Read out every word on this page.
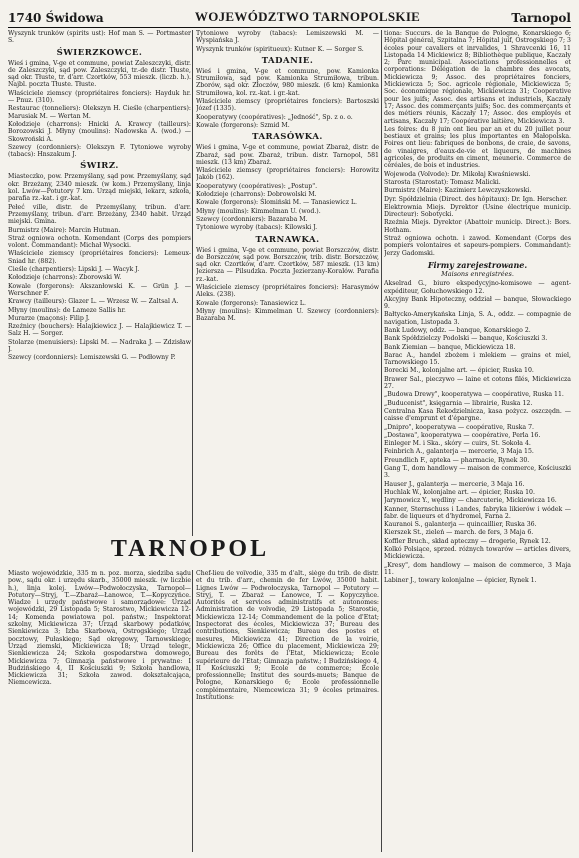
1740 Świdowa	WOJEWÓDZTWO TARNOPOLSKIE	Tarnopol

Wyszynk trunków (spirits ust): Hof man S. — Portmaster S.

ŚWIERZKOWCE.

Wieś i gmina, V-ge et commune, powiat Zaleszczyki, distr. de Zaleszczyki, sąd pow. Zaleszczyki, tr.-de distr. Tłuste, sąd okr. Tłuste, tr. d'arr. Czortków, 553 mieszk. (liczb. h.). Najbl. poczta Tłuste. Tłuste.

Właściciele ziemscy (propriétaires fonciers): Hayduk hr. — Pnuz. (310).

Restaurac (tonneliers): Olekszyn H. Cieśle (charpentiers): Marusiak M. — Wertan M.

Kołodzieje (charrons): Hnicki A. Krawcy (tailleurs): Borozowski J. Młyny (moulins): Nadowska A. (wod.) — Skowroński A.

Szewcy (cordonniers): Olekszyn F. Tytoniowe wyroby (tabacs): Hnszakum J.

ŚWIRZ.

Miasteczko, pow. Przemyślany, sąd pow. Przemyślany, sąd okr. Brzeżany, 2340 mieszk. (w kom.) Przemyślany, linja kol. Lwów—Potutory 7 km. Urząd miejski, lekarz, szkoła, parafia rz.-kat. i gr.-kat.

Pełeć ville, distr. de Przemyślany, tribun. d'arr. Przemyślany, tribun. d'arr. Brzeżany, 2340 habit. Urząd miejski. Gmina.

Burmistrz (Maire): Marcin Hutman.

Straż ogniowa ochotn. Komendant (Corps des pompiers volont. Commandant): Michał Wysocki.

Właściciele ziemscy (propriétaires fonciers): Lemeux-Sniad hr. (882).

Cieśle (charpentiers): Lipski J. — Wacyk J.

Kołodzieje (charrons): Zborowski W.

Kowale (forgerons): Akszanłowski K. — Grün J. — Werschner F.

Krawcy (tailleurs): Glazer L. — Wrzesz W. — Zaltsal A.

Młyny (moulins): de Lameze Sallis hr.

Murarze (maçons): Filip J.

Rzeźnicy (bouchers): Halajkiewicz J. — Halajkiewicz T. — Salz H. — Sorger.

Stolarze (menuisiers): Lipski M. — Nadraka J. — Zdzisław J.

Szewcy (cordonniers): Lemiszewski G. — Podłowny P.

Tytoniowe wyroby (tabacs): Lemiszewski M. — Wyspiańska J.

Wyszynk trunków (spiritueux): Kutner K. — Sorger S.

TADANIE.

Wieś i gmina, V-ge et commune, pow. Kamionka Strumiłowa, sąd pow. Kamionka Strumiłowa, tribun. Zborów, sąd okr. Złoczów, 980 mieszk. (6 km) Kamionka Strumiłowa, kol. rz.-kat. i gr.-kat.

Właściciele ziemscy (propriétaires fonciers): Bartoszski Józef (1335).

Kooperatywy (coopératives): „Jedność", Sp. z o. o.

Kowale (forgerons): Szmid M.

TARASÓWKA.

Wieś i gmina, V-ge et commune, powiat Zbaraż, distr. de Zbaraż, sąd pow. Zbaraż, tribun. distr. Tarnopol, 581 mieszk. (13 km) Zbaraż.

Właściciele ziemscy (propriétaires fonciers): Horowitz Jakób (162).

Kooperatywy (coopératives): „Postup".

Kołodzieje (charrons): Dobrowolski M.

Kowale (forgerons): Ślomiński M. — Tanasiewicz L.

Młyny (moulins): Kimmelman U. (wod.).

Szewcy (cordonniers): Bazaraba M.

Tytoniowe wyroby (tabacs): Kilowski J.

TARNAWKA.

Wieś i gmina, V-ge et commune, powiat Borszczów, distr. de Borszczów, sąd pow. Borszczów, trib. distr. Borszczów, sąd okr. Czortków, d'arr. Czortków, 587 mieszk. (13 km) Jeziersza — Pilsudzka. Poczta Jezierzany-Koralów. Parafia rz.-kat.

Właściciele ziemscy (propriétaires fonciers): Harasymów Aleks. (238).

Kowale (forgerons): Tanasiewicz L.

Młyny (moulins): Kimmelman U. Szewcy (cordonniers): Bazaraba M.

tiona: Succurs. de la Banque de Pologne, Konarskiego 6; Hôpital général, Szpitalna 7; Hôpital juif, Ostrogskiego 7; 3 écoles pour cavaliers et inrvalides, 1 Shravcenki 16, 11 Listopada 14 Mickiewicz 8; Bibliothèque publique, Kaczały 2; Parc municipal. Associations professionnelles et corporations: Délégation de la chambre des avocats, Mickiewicza 9; Assoc. des propriétaires fonciers, Mickiewicza 5; Soc. agricole régionale, Mickiewicza 5; Soc. économique régionale, Mickiewicza 31; Cooperative pour les juifs; Assoc. des artisans et industriels, Kaczały 17; Assoc. des commerçants juifs; Soc. des commerçants et des métiers réunis, Kaczały 17; Assoc. des employés et artisans, Kaczały 17; Coopérative laitière, Mickiewicza 3.

Les foires: du 8 juin ont lieu par an et du 20 juillet pour bestiaux et grains; les plus importantes en Małopolska. Foires ont lieu: fabriques de bonbons, de craie, de savons, de vinaigres, d'eaux-de-vie et liqueurs, de machines agricoles, de produits en ciment, meunerie. Commerce de céréales, de bois et industries.

Wojewoda (Voïvode): Dr. Mikołaj Kwaśniewski.

Starosta (Starostat): Tomasz Malicki.

Burmistrz (Maire): Kazimierz Lewczyszkowski.

Dyr. Spółdzielnia (Direct. des hôpitaux): Dr. Ign. Herscher.

Elektrownia Miejs. Dyrektor (Usine électrique municip. Directeur): Sobotycki.

Rzeźnia Miejs. Dyrektor (Abattoir municip. Direct.): Bors. Hotham.

Straż ogniowa ochotn. i zawod. Komendant (Corps des pompiers volontaires et sapeurs-pompiers. Commandant): Jerzy Gadomski.

Firmy zarejestrowane.

Maisons enregistrées.

Akselrad G., biuro ekspedycyjno-komisowe — agent-expéditeur, Gołuchowskiego 12.

Akcyjny Bank Hipoteczny, oddział — banque, Słowackiego 9.

Bałtycko-Amerykańska Linja, S. A., oddz. — compagnie de navigation, Listopada 3.

Bank Ludowy, oddz. — banque, Konarskiego 2.

Bank Spółdzielczy Podolski — banque, Kościuszki 3.

Bank Ziemian — banque, Mickiewicza 18.

Barac A., handel zbożem i mlekiem — grains et miel, Tarnowskiego 15.

Borecki M., kolonjalne art. — épicier, Ruska 10.

Brawer Sal., pieczywo — laine et cotons filés, Mickiewicza 27.

„Budowa Drewy", kooperatywa — coopérative, Ruska 11.

„Buducenist", księgarnia — librairie, Ruska 12.

Centralna Kasa Rekodzielnicza, kasa pożycz. oszczędn. — caisse d'emprunt et d'épargne.

„Dnipro", kooperatywa — coopérative, Ruska 7.

„Dostawa", kooperatywa — coopérative, Perla 16.

Einleger M. i Ska., skóry — cuirs, St. Sokoła 4.

Feinbrich A., galanterja — mercerie, 3 Maja 15.

Freundlich F., apteka — pharmacie, Rynek 30.

Gang T., dom handlowy — maison de commerce, Kościuszki 3.

Hauser J., galanterja — mercerie, 3 Maja 16.

Huchlak W., kolonjalne art. — épicier, Ruska 10.

Jarymowicz Y., wędliny — charcuterie, Mickiewicza 16.

Kanner, Sternschuss i Landes, fabryka likierów i wódek — fabr. de liqueurs et d'hydromel, Farna 2.

Kauranoi S., galanterja — quincaillier, Ruska 36.

Kierszek St., zieleń — march. de fers, 3 Maja 6.

Koffler Bruch., skład apteczny — drogerie, Rynek 12.

Kolkó Polsiące, sprzed. różnych towarów — articles divers, Mickiewicza.

„Kresy", dom handlowy — maison de commerce, 3 Maja 11.

Labiner J., towary kolonjalne — épicier, Rynek 1.

TARNOPOL

Miasto wojewódzkie, 335 m n. poz. morza, siedziba sądu pow., sądu okr. i urzędu skarb., 35000 mieszk. (w liczbie h.), linja kolej. Lwów—Podwołoczyska, Tarnopol—Potutory—Stryj, T.—Zbaraż—Łanowce, T.—Kopyczyńce. Wiadze i urzędy państwowe i samorządowe: Urząd wojewódzki, 29 Listopada 5; Starostwo, Mickiewicza 12-14; Komenda powiatowa pol. państw.; Inspektorat szkolny, Mickiewicza 37; Urząd skarbowy podatków, Sienkiewicza 3; Izba Skarbowa, Ostrogskiego; Urząd pocztowy, Pułaskiego; Sąd okręgowy, Tarnowskiego; Urząd ziemski, Mickiewicza 18; Urząd telegr., Sienkiewicza 24; Szkoła gospodarstwa domowego, Mickiewicza 7; Gimnazja państwowe i prywatne: I Budzińskiego 4, II Kościuszki 9; Szkoła handlowa, Mickiewicza 31; Szkoła zawod. dokształcająca, Niemcewicza.

Chef-lieu de voïvodie, 335 m d'alt., siège du trib. de distr. et du trib. d'arr., chemin de fer Lwów, 35000 habit. Lignes Lwów — Podwołoczyska, Tarnopol — Potutory — Stryj, T. — Zbaraż — Łanowce, T. — Kopyczyńce. Autorités et services administratifs et autonomes: Administration de voïvodie, 29 Listopada 5; Starostie, Mickiewicza 12-14; Commandement de la police d'Etat; Inspectorat des écoles, Mickiewicza 37; Bureau des contributions, Sienkiewicza; Bureau des postes et mesures, Mickiewicza 41; Direction de la voirie, Mickiewicza 26; Office du placement, Mickiewicza 29; Bureau des forêts de l'Etat, Mickiewicza; Ecole supérieure de l'Etat; Gimnazja państw.; I Budzińskiego 4, II Kościuszki 9; Ecole de commerce; Ecole professionnelle; Institut des sourds-muets; Banque de Pologne, Konarskiego 6; Ecole professionnelle complémentaire, Niemcewicza 31; 9 écoles primaires. Institutions:
